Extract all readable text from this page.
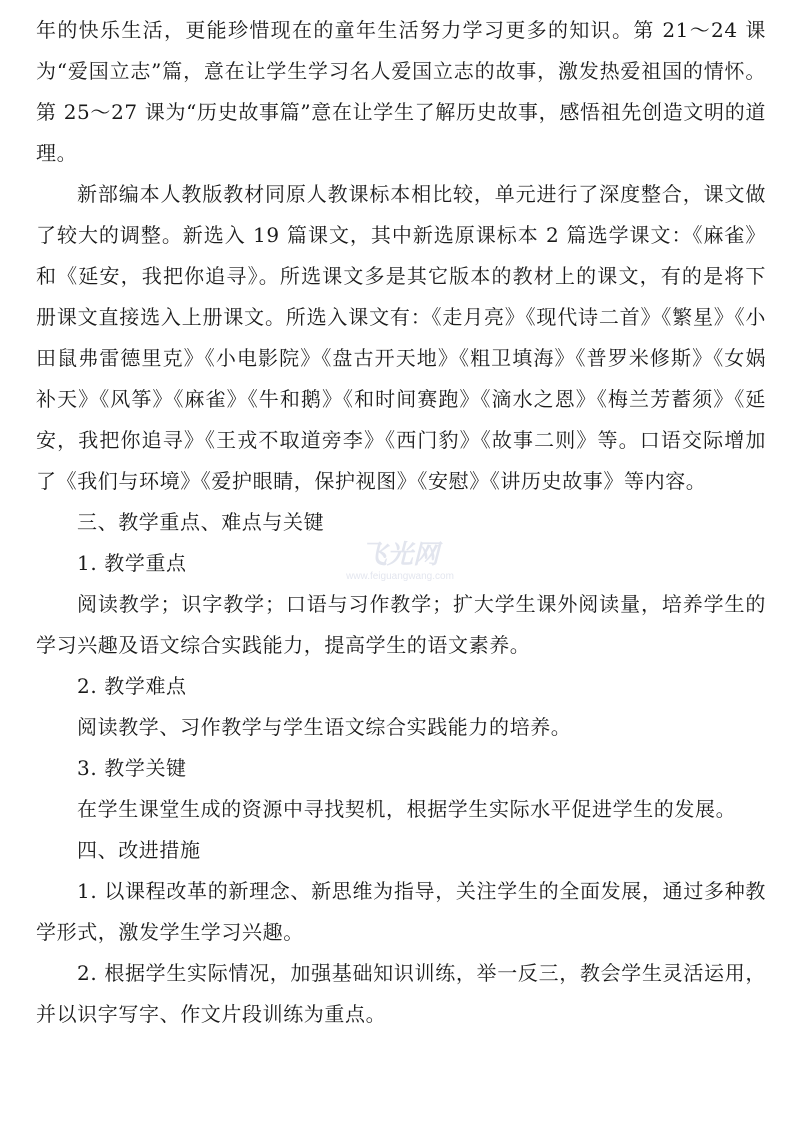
年的快乐生活，更能珍惜现在的童年生活努力学习更多的知识。第 21～24 课为“爱国立志”篇，意在让学生学习名人爱国立志的故事，激发热爱祖国的情怀。第 25～27 课为“历史故事篇”意在让学生了解历史故事，感悟祖先创造文明的道理。

新部编本人教版教材同原人教课标本相比较，单元进行了深度整合，课文做了较大的调整。新选入 19 篇课文，其中新选原课标本 2 篇选学课文：《麻雀》和《延安，我把你追寻》。所选课文多是其它版本的教材上的课文，有的是将下册课文直接选入上册课文。所选入课文有：《走月亮》《现代诗二首》《繁星》《小田鼠弗雷德里克》《小电影院》《盘古开天地》《粗卫填海》《普罗米修斯》《女娲补天》《风筝》《麻雀》《牛和鹅》《和时间赛跑》《滴水之恩》《梅兰芳蓄须》《延安，我把你追寻》《王戎不取道旁李》《西门豹》《故事二则》等。口语交际增加了《我们与环境》《爱护眼睛，保护视图》《安慰》《讲历史故事》等内容。

三、教学重点、难点与关键

1. 教学重点

阅读教学；识字教学；口语与习作教学；扩大学生课外阅读量，培养学生的学习兴趣及语文综合实践能力，提高学生的语文素养。

2. 教学难点

阅读教学、习作教学与学生语文综合实践能力的培养。

3. 教学关键

在学生课堂生成的资源中寻找契机，根据学生实际水平促进学生的发展。

四、改进措施

1. 以课程改革的新理念、新思维为指导，关注学生的全面发展，通过多种教学形式，激发学生学习兴趣。

2. 根据学生实际情况，加强基础知识训练，举一反三，教会学生灵活运用，并以识字写字、作文片段训练为重点。

飞光网
www.feiguangwang.com
